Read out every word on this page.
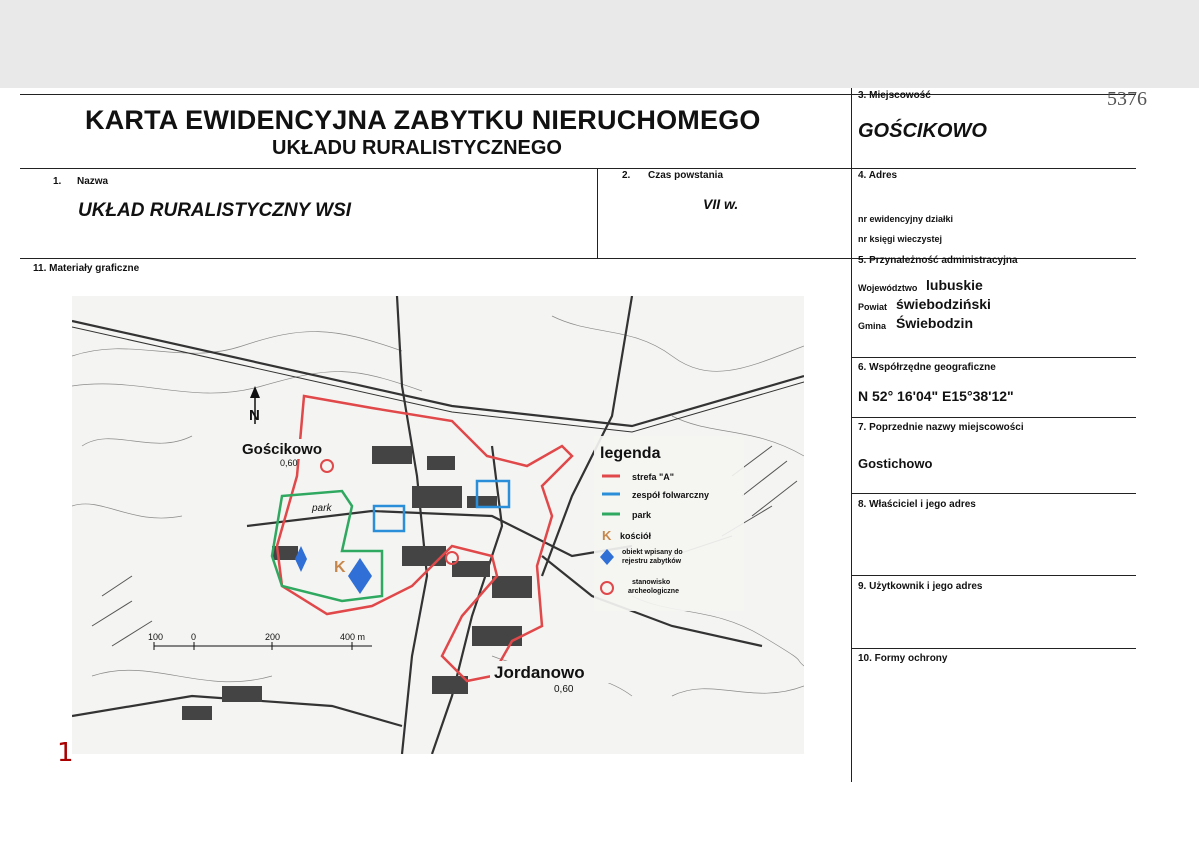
KARTA EWIDENCYJNA ZABYTKU NIERUCHOMEGO
UKŁADU RURALISTYCZNEGO
5376
3. Miejscowość
GOŚCIKOWO
1. Nazwa
UKŁAD RURALISTYCZNY WSI
2. Czas powstania
VII w.
4. Adres
nr ewidencyjny działki
nr księgi wieczystej
11. Materiały graficzne
5. Przynależność administracyjna
Województwo lubuskie
Powiat świebodziński
Gmina Świebodzin
6. Współrzędne geograficzne
N 52° 16'04" E15°38'12"
7. Poprzednie nazwy miejscowości
Gostichowo
8. Właściciel i jego adres
9. Użytkownik i jego adres
10. Formy ochrony
K
N
Gościkowo
0,60
park
Jordanowo
0,60
100	0	200	400 m
legenda
strefa "A"
zespół folwarczny
park
K kościół
obiekt wpisany do rejestru zabytków
stanowisko archeologiczne
1
